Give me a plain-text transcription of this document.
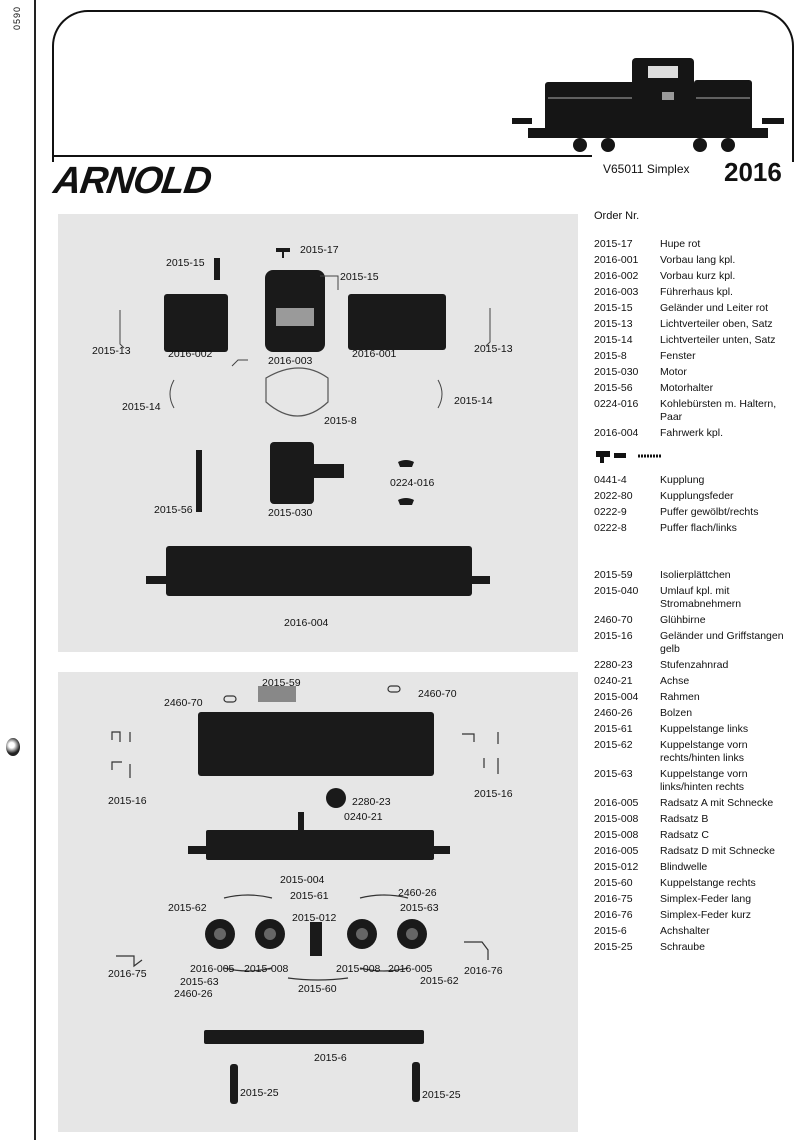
0590
ARNOLD	V65011 Simplex 2016
2015-17
2015-15
2015-15
2015-13	2016-002
2016-003
2016-001	2015-13
2015-14	2015-14
2015-8
0224-016
2015-56	2015-030
2016-004
2015-59
2460-70
2460-70
2015-16
2015-16
2280-23
0240-21
2015-004
2015-61	2460-26
2015-62	2015-63
2015-012
2016-75	2016-005 2015-008	2015-008 2016-005	2016-76
2015-63
2460-26	2015-60
2015-62
2015-6
2015-25	2015-25
Order Nr.
2015-17	Hupe rot
2016-001	Vorbau lang kpl.
2016-002	Vorbau kurz kpl.
2016-003	Führerhaus kpl.
2015-15	Geländer und Leiter rot
2015-13	Lichtverteiler oben, Satz
2015-14	Lichtverteiler unten, Satz
2015-8	Fenster
2015-030	Motor
2015-56	Motorhalter
0224-016	Kohlebürsten m. Haltern, Paar
2016-004	Fahrwerk kpl.
0441-4	Kupplung
2022-80	Kupplungsfeder
0222-9	Puffer gewölbt/rechts
0222-8	Puffer flach/links
2015-59	Isolierplättchen
2015-040	Umlauf kpl. mit Stromabnehmern
2460-70	Glühbirne
2015-16	Geländer und Griffstangen gelb
2280-23	Stufenzahnrad
0240-21	Achse
2015-004	Rahmen
2460-26	Bolzen
2015-61	Kuppelstange links
2015-62	Kuppelstange vorn rechts/hinten links
2015-63	Kuppelstange vorn links/hinten rechts
2016-005	Radsatz A mit Schnecke
2015-008	Radsatz B
2015-008	Radsatz C
2016-005	Radsatz D mit Schnecke
2015-012	Blindwelle
2015-60	Kuppelstange rechts
2016-75	Simplex-Feder lang
2016-76	Simplex-Feder kurz
2015-6	Achshalter
2015-25	Schraube
